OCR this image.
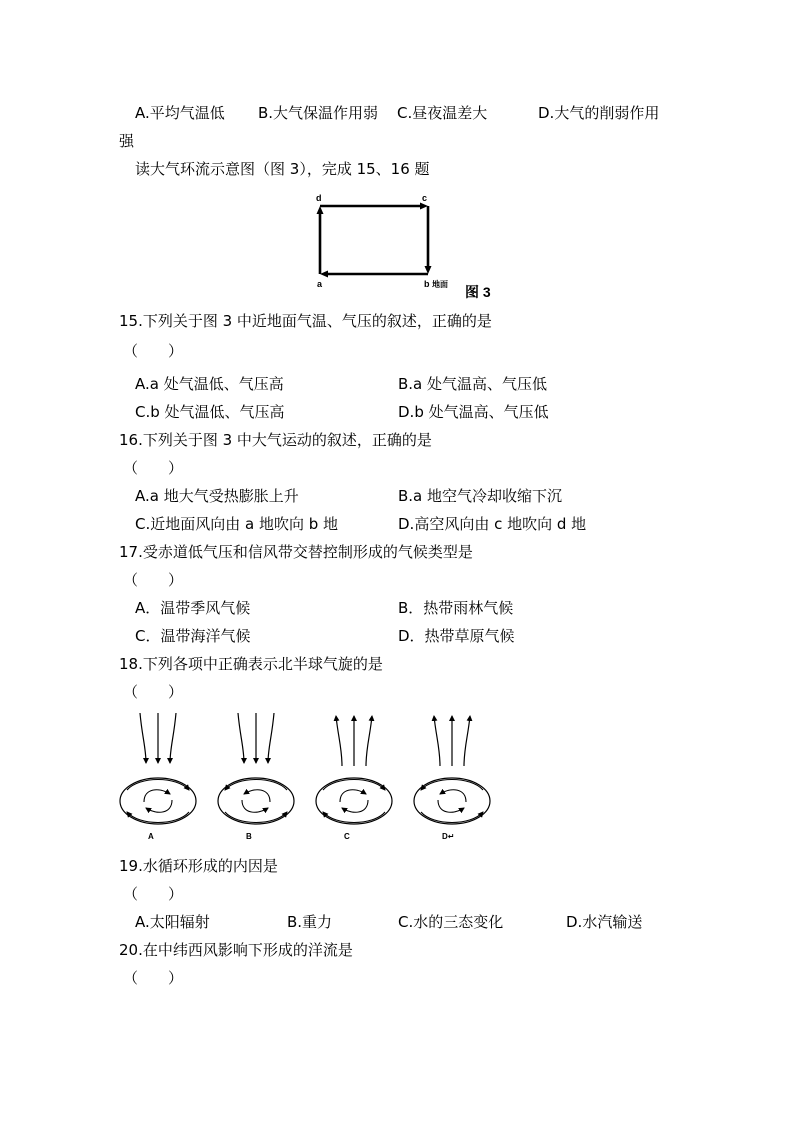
A.平均气温低 B.大气保温作用弱 C.昼夜温差大	D.大气的削弱作用
强
读大气环流示意图（图 3），完成 15、16 题
d	c
a	b 地面 图 3
15.下列关于图 3 中近地面气温、气压的叙述，正确的是
（　　）
A.a 处气温低、气压高	B.a 处气温高、气压低
C.b 处气温低、气压高	D.b 处气温高、气压低
16.下列关于图 3 中大气运动的叙述，正确的是
（　　）
A.a 地大气受热膨胀上升	B.a 地空气冷却收缩下沉
C.近地面风向由 a 地吹向 b 地	D.高空风向由 c 地吹向 d 地
17.受赤道低气压和信风带交替控制形成的气候类型是
（　　）
A．温带季风气候	B．热带雨林气候
C．温带海洋气候	D．热带草原气候
18.下列各项中正确表示北半球气旋的是
（　　）
A	B	C	D↵
19.水循环形成的内因是
（　　）
A.太阳辐射	B.重力	C.水的三态变化	D.水汽输送
20.在中纬西风影响下形成的洋流是
（　　）
